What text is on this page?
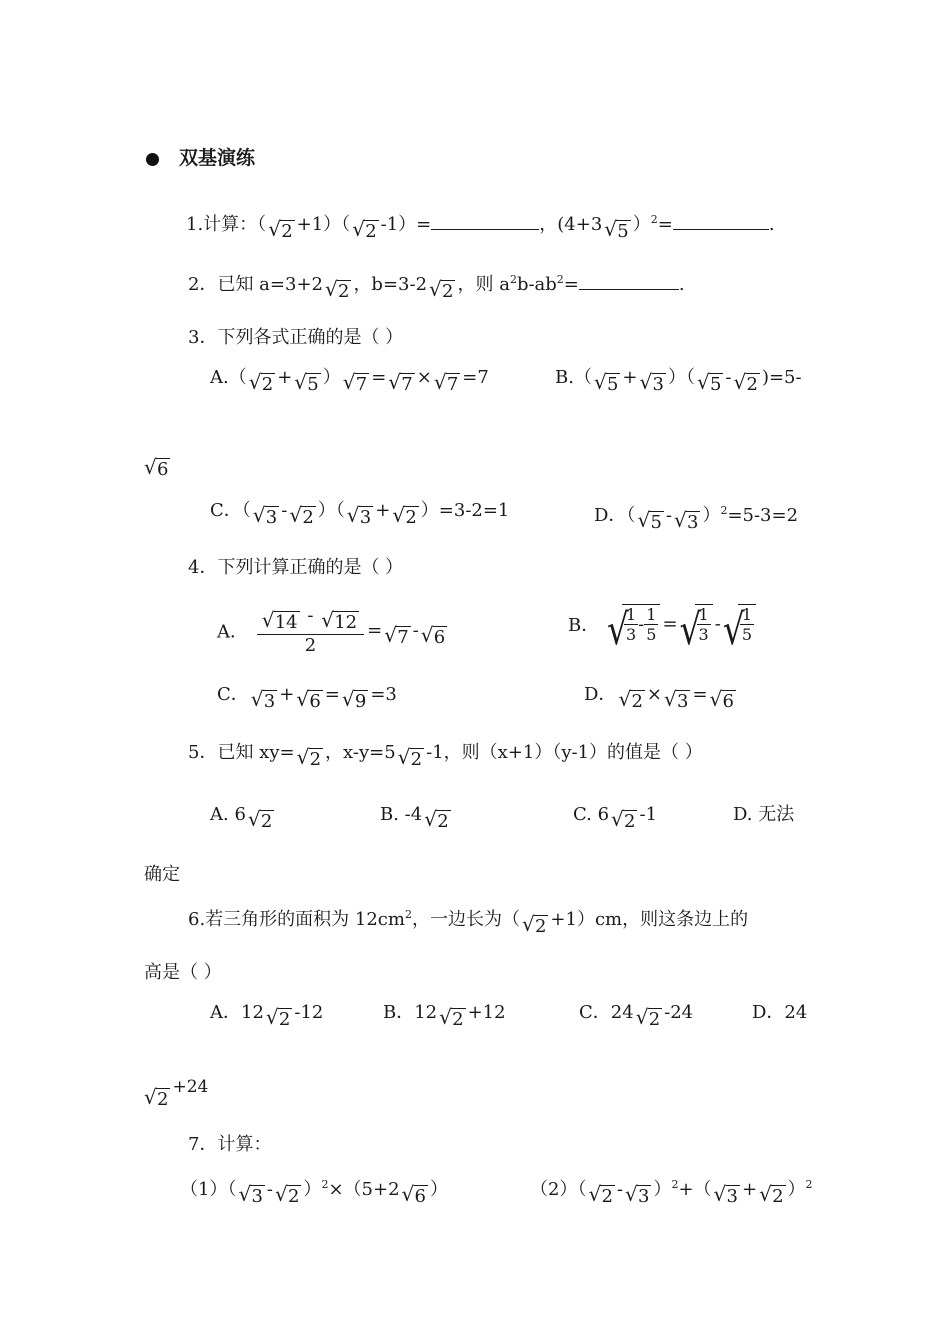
双基演练
1.计算：（ √ 2 +1）（ √ 2 -1）=	，(4+3 √ 5 ）$^2$=	.
2．已知 a=3+2 √ 2 ，b=3-2 √ 2 ，则 $a^2b-ab^2=$	.
3．下列各式正确的是（ ）
A.（ √ 2 + √ 5 ） √ 7 = √ 7 × √ 7 =7	B.（ √ 5 + √ 3 ）（ √ 5 - √ 2 )=5-
√ 6
C．（ √ 3 - √ 2 ）（ √ 3 + √ 2 ）=3-2=1	D．（ √ 5 - √ 3 ）$^2$=5-3=2
4．下列计算正确的是（ ）
A． $\frac{√ 14 - √ 12}{2}$ = √ 7 - √ 6
B． √
$\frac{1}{3} - \frac{1}{5}$ = √
$\frac{1}{3}$ - √
$\frac{1}{5}$
C． √ 3 + √ 6 = √ 9 =3	D． √ 2 × √ 3 = √ 6
5．已知 xy= √ 2 ，x-y=5 √ 2 -1，则（x+1）（y-1）的值是（ ）
A. 6 √ 2	B. -4 √ 2	C. 6 √ 2 -1	D. 无法
确定
6.若三角形的面积为 $12cm^2$，一边长为（ √ 2 +1）cm，则这条边上的
高是（ ）
A．12 √ 2 -12	B．12 √ 2 +12	C．24 √ 2 -24	D．24
√ $2^{+24}$
7．计算：
（1）（ √ 3 - √ 2 ）$^2$×（5+2 √ 6 ）	（2）（ √ 2 - √ 3 ）$^2$+（ √ 3 + √ 2 ）$^2$
